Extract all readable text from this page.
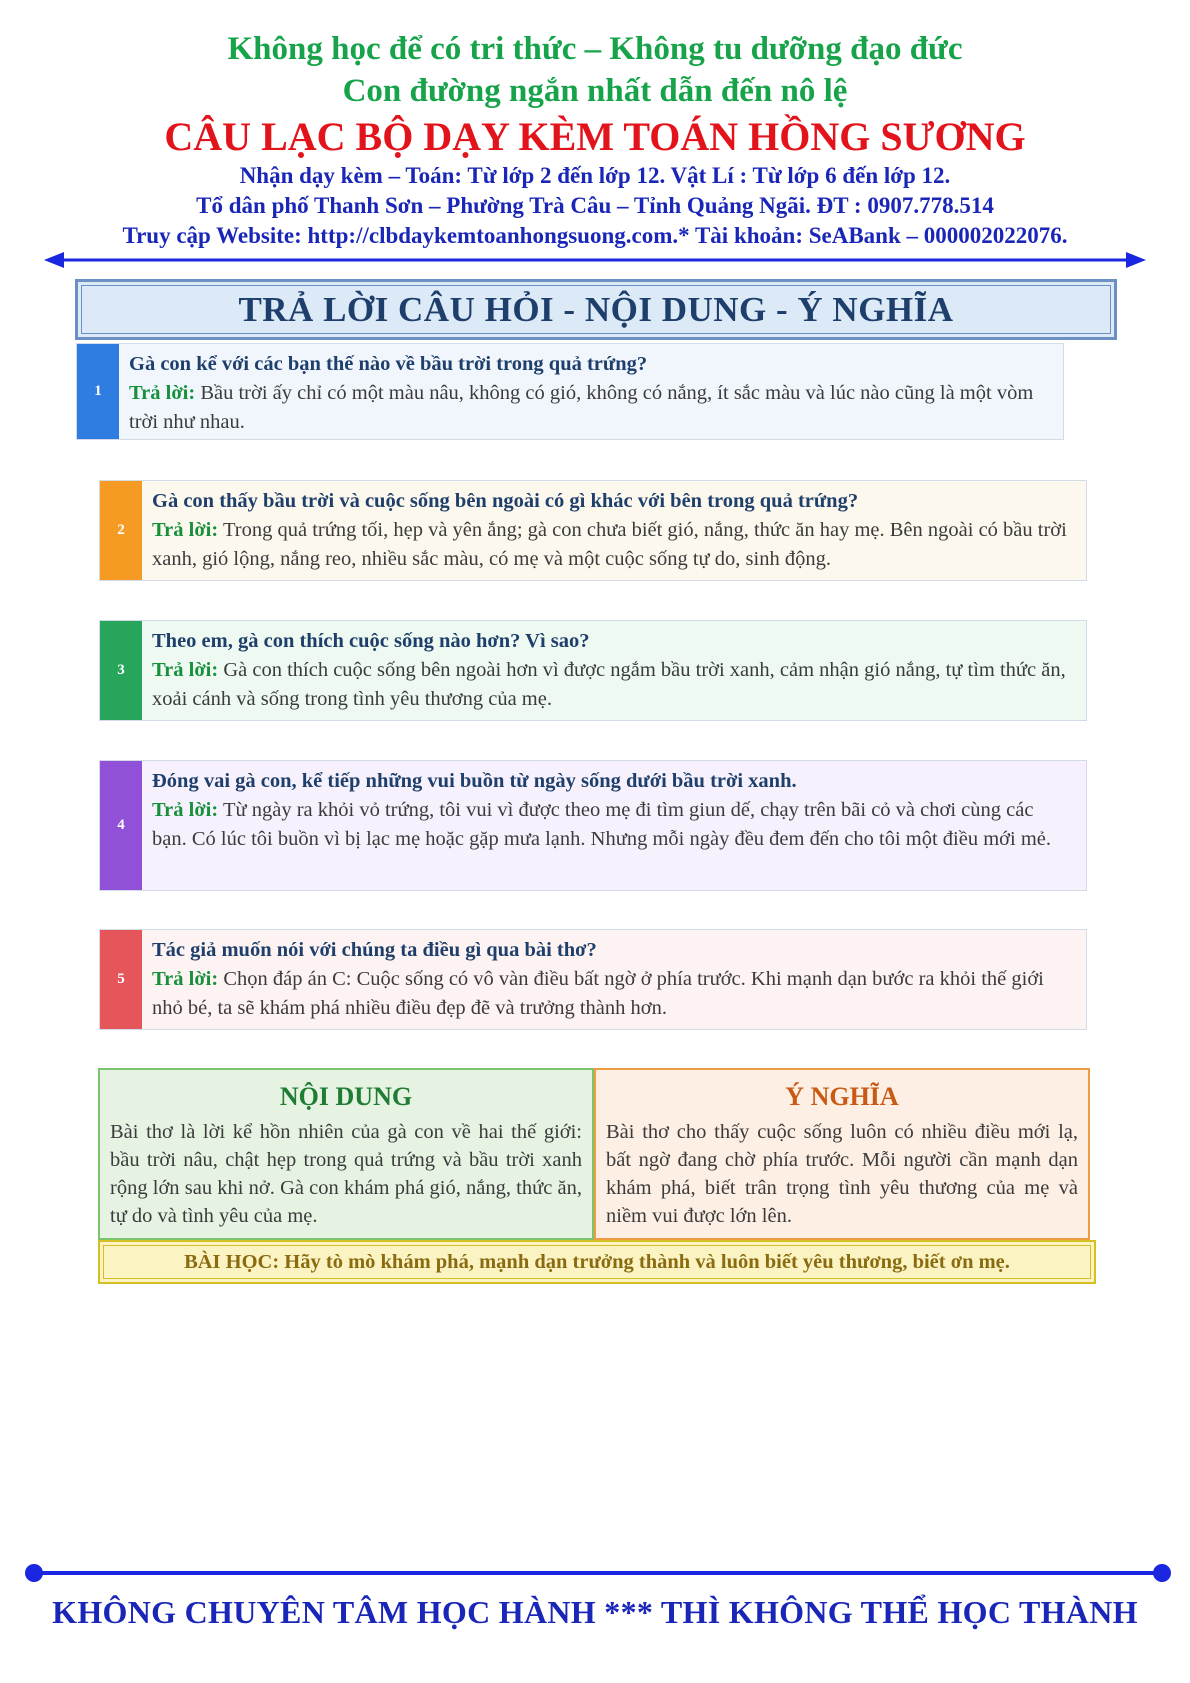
Không học để có tri thức – Không tu dưỡng đạo đức
Con đường ngắn nhất dẫn đến nô lệ
CÂU LẠC BỘ DẠY KÈM TOÁN HỒNG SƯƠNG
Nhận dạy kèm – Toán: Từ lớp 2 đến lớp 12. Vật Lí : Từ lớp 6 đến lớp 12.
Tổ dân phố Thanh Sơn – Phường Trà Câu – Tỉnh Quảng Ngãi. ĐT : 0907.778.514
Truy cập Website: http://clbdaykemtoanhongsuong.com.* Tài khoản: SeABank – 000002022076.
TRẢ LỜI CÂU HỎI - NỘI DUNG - Ý NGHĨA
1
Gà con kể với các bạn thế nào về bầu trời trong quả trứng?
Trả lời: Bầu trời ấy chỉ có một màu nâu, không có gió, không có nắng, ít sắc màu và lúc nào cũng là một vòm trời như nhau.
2
Gà con thấy bầu trời và cuộc sống bên ngoài có gì khác với bên trong quả trứng?
Trả lời: Trong quả trứng tối, hẹp và yên ắng; gà con chưa biết gió, nắng, thức ăn hay mẹ. Bên ngoài có bầu trời xanh, gió lộng, nắng reo, nhiều sắc màu, có mẹ và một cuộc sống tự do, sinh động.
3
Theo em, gà con thích cuộc sống nào hơn? Vì sao?
Trả lời: Gà con thích cuộc sống bên ngoài hơn vì được ngắm bầu trời xanh, cảm nhận gió nắng, tự tìm thức ăn, xoải cánh và sống trong tình yêu thương của mẹ.
4
Đóng vai gà con, kể tiếp những vui buồn từ ngày sống dưới bầu trời xanh.
Trả lời: Từ ngày ra khỏi vỏ trứng, tôi vui vì được theo mẹ đi tìm giun dế, chạy trên bãi cỏ và chơi cùng các bạn. Có lúc tôi buồn vì bị lạc mẹ hoặc gặp mưa lạnh. Nhưng mỗi ngày đều đem đến cho tôi một điều mới mẻ.
5
Tác giả muốn nói với chúng ta điều gì qua bài thơ?
Trả lời: Chọn đáp án C: Cuộc sống có vô vàn điều bất ngờ ở phía trước. Khi mạnh dạn bước ra khỏi thế giới nhỏ bé, ta sẽ khám phá nhiều điều đẹp đẽ và trưởng thành hơn.
NỘI DUNG
Bài thơ là lời kể hồn nhiên của gà con về hai thế giới: bầu trời nâu, chật hẹp trong quả trứng và bầu trời xanh rộng lớn sau khi nở. Gà con khám phá gió, nắng, thức ăn, tự do và tình yêu của mẹ.
Ý NGHĨA
Bài thơ cho thấy cuộc sống luôn có nhiều điều mới lạ, bất ngờ đang chờ phía trước. Mỗi người cần mạnh dạn khám phá, biết trân trọng tình yêu thương của mẹ và niềm vui được lớn lên.
BÀI HỌC: Hãy tò mò khám phá, mạnh dạn trưởng thành và luôn biết yêu thương, biết ơn mẹ.
KHÔNG CHUYÊN TÂM HỌC HÀNH *** THÌ KHÔNG THỂ HỌC THÀNH
